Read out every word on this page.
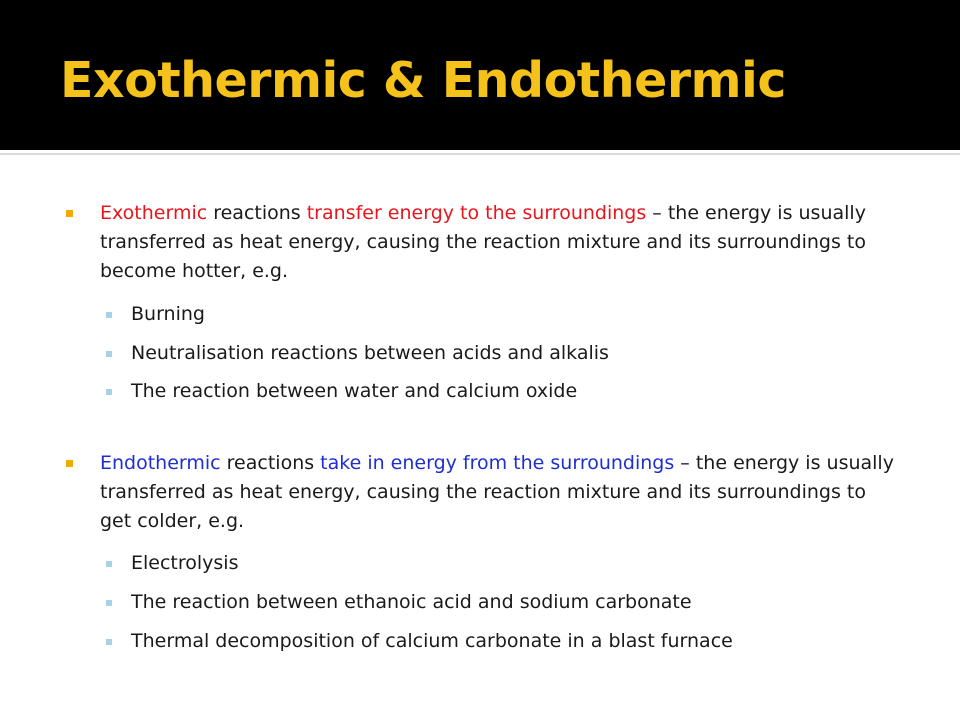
Exothermic & Endothermic
Exothermic reactions transfer energy to the surroundings – the energy is usually transferred as heat energy, causing the reaction mixture and its surroundings to become hotter, e.g.
Burning
Neutralisation reactions between acids and alkalis
The reaction between water and calcium oxide
Endothermic reactions take in energy from the surroundings – the energy is usually transferred as heat energy, causing the reaction mixture and its surroundings to get colder, e.g.
Electrolysis
The reaction between ethanoic acid and sodium carbonate
Thermal decomposition of calcium carbonate in a blast furnace
